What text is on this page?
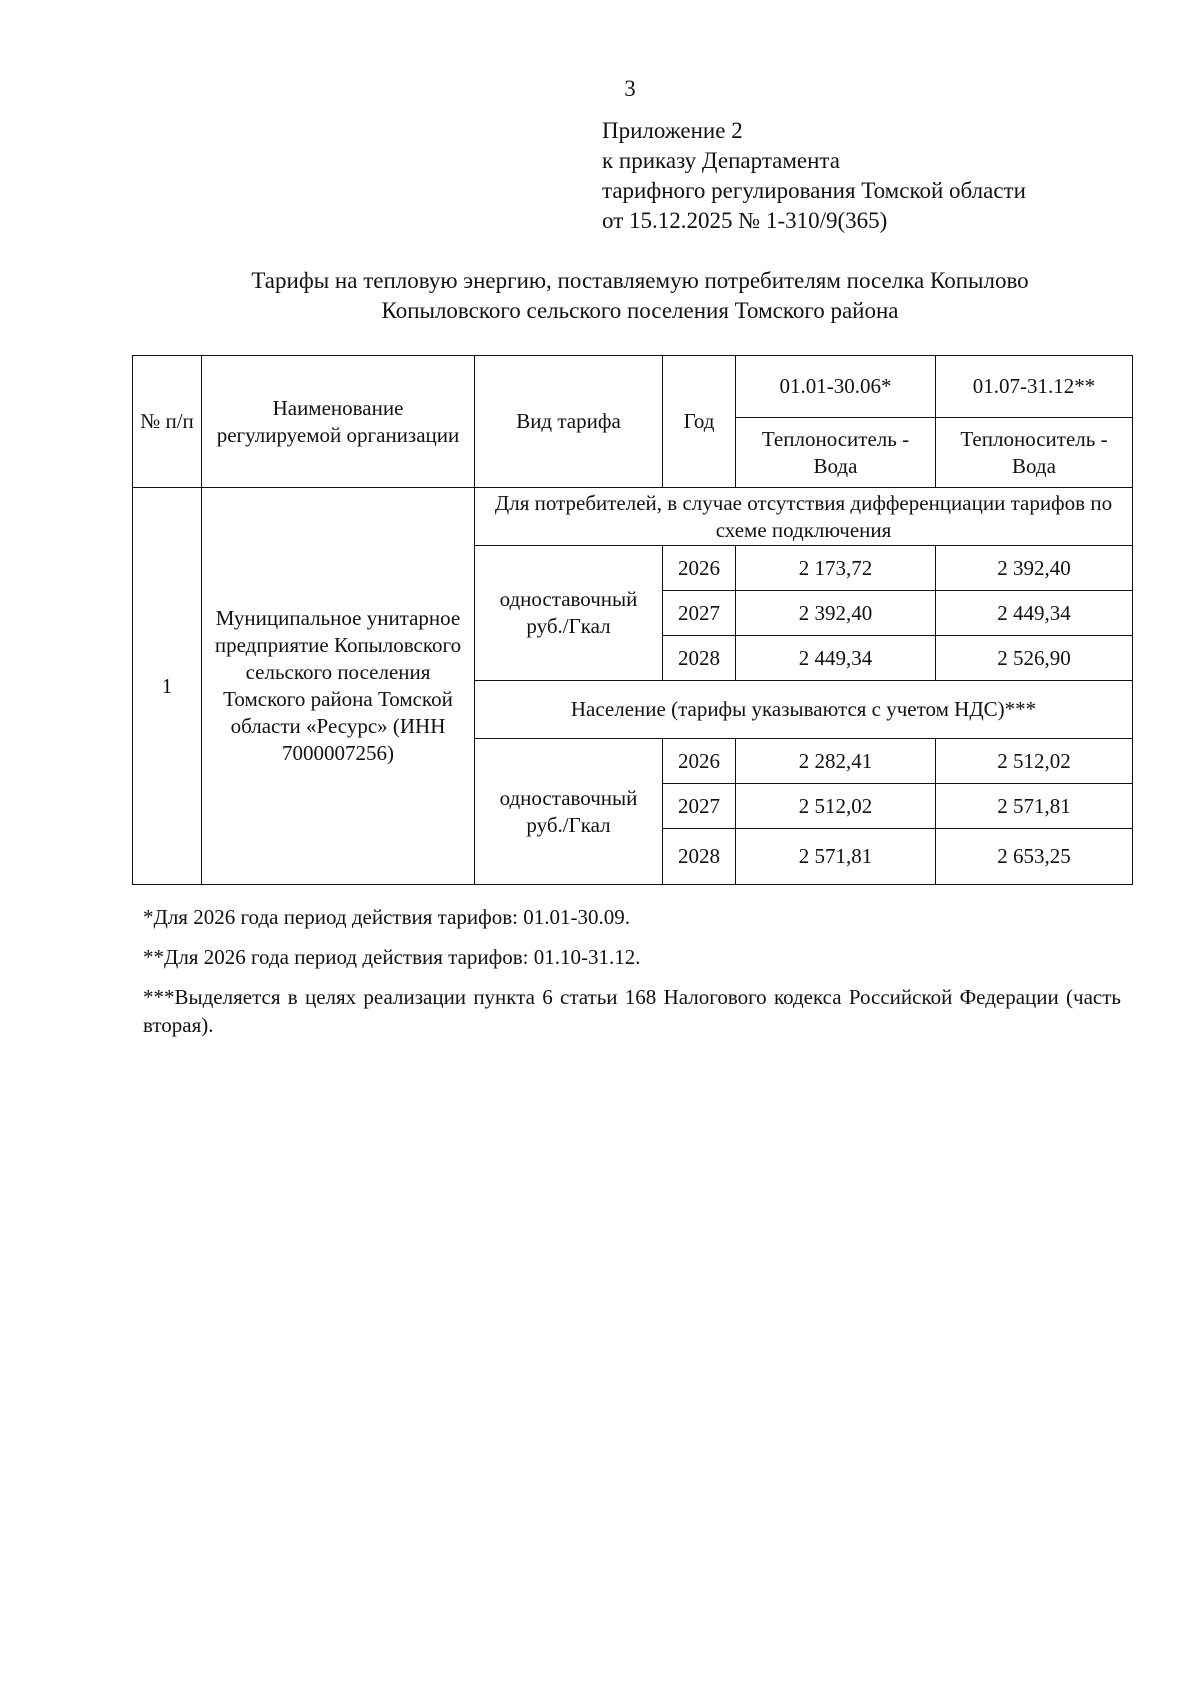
3
Приложение 2
к приказу Департамента
тарифного регулирования Томской области
от 15.12.2025 № 1-310/9(365)
Тарифы на тепловую энергию, поставляемую потребителям поселка Копылово
Копыловского сельского поселения Томского района
№ п/п	Наименование регулируемой организации	Вид тарифа	Год	01.01-30.06*	01.07-31.12**
				Теплоноситель - Вода	Теплоноситель - Вода
1	Муниципальное унитарное предприятие Копыловского сельского поселения Томского района Томской области «Ресурс» (ИНН 7000007256)	Для потребителей, в случае отсутствия дифференциации тарифов по схеме подключения			
		одноставочный руб./Гкал	2026	2 173,72	2 392,40
			2027	2 392,40	2 449,34
			2028	2 449,34	2 526,90
		Население (тарифы указываются с учетом НДС)***			
		одноставочный руб./Гкал	2026	2 282,41	2 512,02
			2027	2 512,02	2 571,81
			2028	2 571,81	2 653,25

*Для 2026 года период действия тарифов: 01.01-30.09.

**Для 2026 года период действия тарифов: 01.10-31.12.

***Выделяется в целях реализации пункта 6 статьи 168 Налогового кодекса Российской Федерации (часть вторая).
